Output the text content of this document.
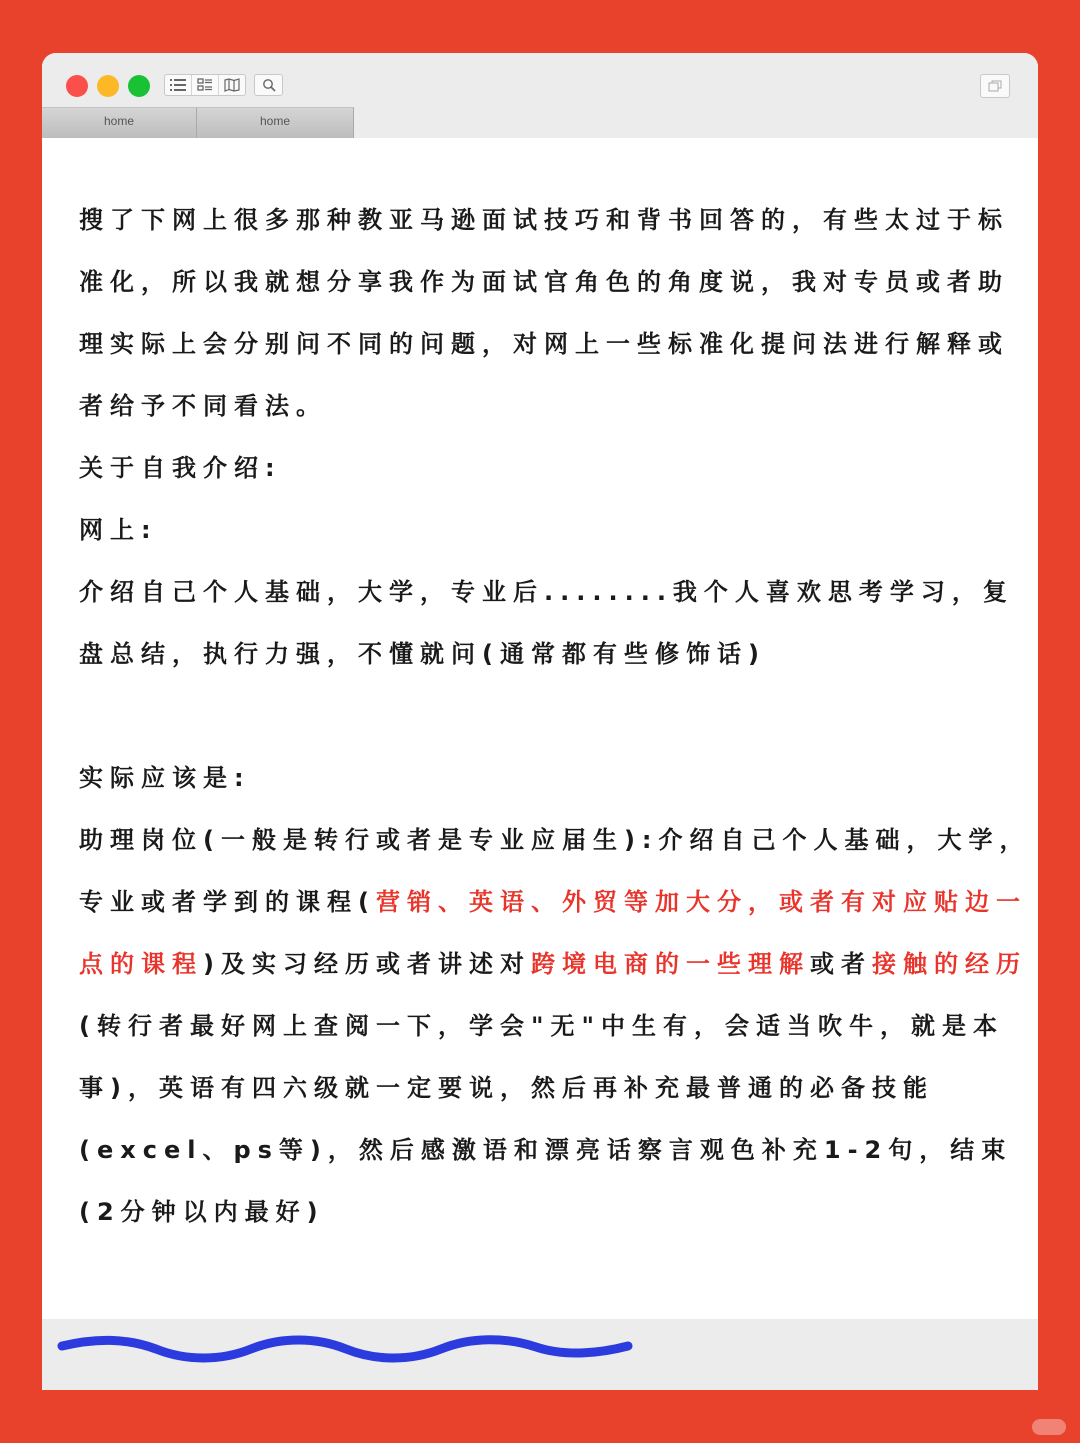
home	home

搜了下网上很多那种教亚马逊面试技巧和背书回答的，有些太过于标准化，所以我就想分享我作为面试官角色的角度说，我对专员或者助理实际上会分别问不同的问题，对网上一些标准化提问法进行解释或者给予不同看法。

关于自我介绍:

网上:

介绍自己个人基础，大学，专业后........我个人喜欢思考学习，复盘总结，执行力强，不懂就问(通常都有些修饰话)

实际应该是:

助理岗位(一般是转行或者是专业应届生):介绍自己个人基础，大学，专业或者学到的课程(营销、英语、外贸等加大分，或者有对应贴边一点的课程)及实习经历或者讲述对跨境电商的一些理解或者接触的经历(转行者最好网上查阅一下，学会"无"中生有，会适当吹牛，就是本事)，英语有四六级就一定要说，然后再补充最普通的必备技能(excel、ps等)，然后感激语和漂亮话察言观色补充1-2句，结束

(2分钟以内最好)
